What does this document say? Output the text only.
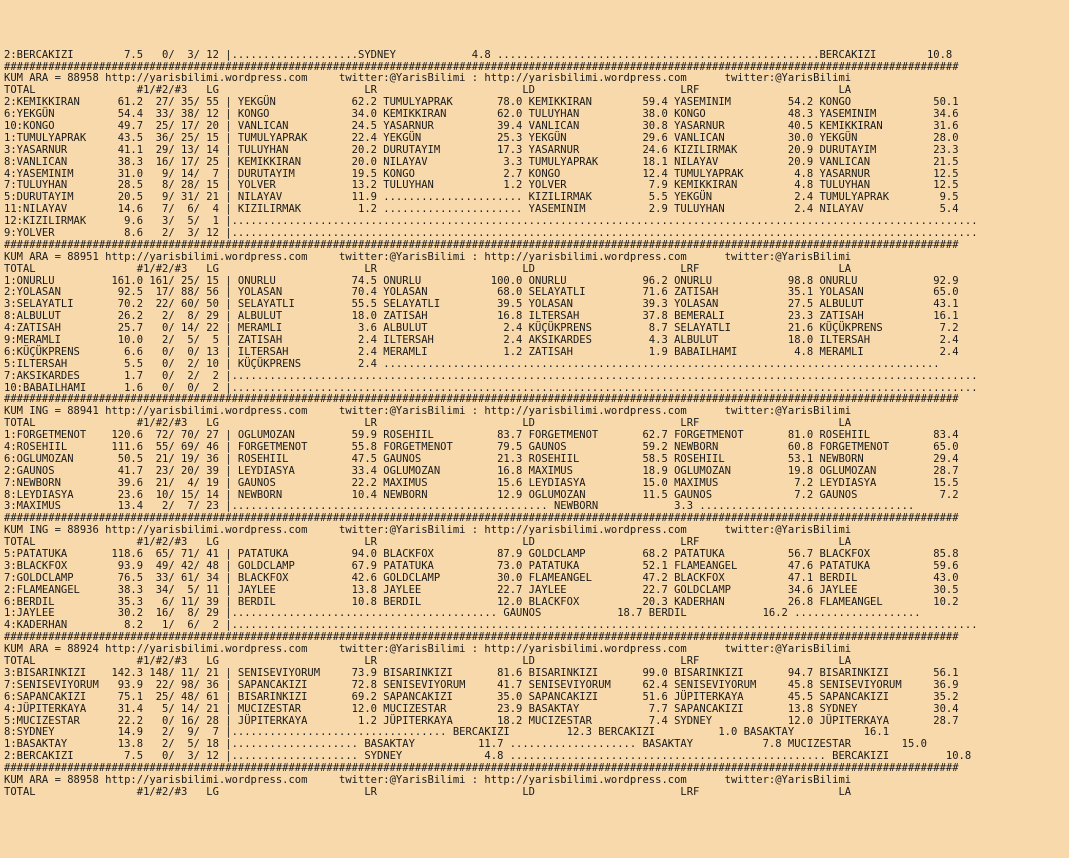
2:BERCAKIZI        7.5   0/  3/ 12 |....................SYDNEY            4.8 ...................................................BERCAKIZI        10.8
#######################################################################################################################################################
KUM ARA = 88958 http://yarisbilimi.wordpress.com     twitter:@YarisBilimi : http://yarisbilimi.wordpress.com      twitter:@YarisBilimi
TOTAL                #1/#2/#3   LG                       LR                       LD                       LRF                      LA
2:KEMIKKIRAN      61.2  27/ 35/ 55 | YEKGÜN            62.2 TUMULYAPRAK       78.0 KEMIKKIRAN        59.4 YASEMINIM         54.2 KONGO             50.1
6:YEKGÜN          54.4  33/ 38/ 12 | KONGO             34.0 KEMIKKIRAN        62.0 TULUYHAN          38.0 KONGO             48.3 YASEMINIM         34.6
10:KONGO          49.7  25/ 17/ 20 | VANLICAN          24.5 YASARNUR          39.4 VANLICAN          30.8 YASARNUR          40.5 KEMIKKIRAN        31.6
1:TUMULYAPRAK     43.5  36/ 25/ 15 | TUMULYAPRAK       22.4 YEKGÜN            25.3 YEKGÜN            29.6 VANLICAN          30.0 YEKGÜN            28.0
3:YASARNUR        41.1  29/ 13/ 14 | TULUYHAN          20.2 DURUTAYIM         17.3 YASARNUR          24.6 KIZILIRMAK        20.9 DURUTAYIM         23.3
8:VANLICAN        38.3  16/ 17/ 25 | KEMIKKIRAN        20.0 NILAYAV            3.3 TUMULYAPRAK       18.1 NILAYAV           20.9 VANLICAN          21.5
4:YASEMINIM       31.0   9/ 14/  7 | DURUTAYIM         19.5 KONGO              2.7 KONGO             12.4 TUMULYAPRAK        4.8 YASARNUR          12.5
7:TULUYHAN        28.5   8/ 28/ 15 | YOLVER            13.2 TULUYHAN           1.2 YOLVER             7.9 KEMIKKIRAN         4.8 TULUYHAN          12.5
5:DURUTAYIM       20.5   9/ 31/ 21 | NILAYAV           11.9 ...................... KIZILIRMAK         5.5 YEKGÜN             2.4 TUMULYAPRAK        9.5
11:NILAYAV        14.6   7/  6/  4 | KIZILIRMAK         1.2 ...................... YASEMINIM          2.9 TULUYHAN           2.4 NILAYAV            5.4
12:KIZILIRMAK      9.6   3/  5/  1 |......................................................................................................................
9:YOLVER           8.6   2/  3/ 12 |......................................................................................................................
#######################################################################################################################################################
KUM ARA = 88951 http://yarisbilimi.wordpress.com     twitter:@YarisBilimi : http://yarisbilimi.wordpress.com      twitter:@YarisBilimi
TOTAL                #1/#2/#3   LG                       LR                       LD                       LRF                      LA
1:ONURLU         161.0 161/ 25/ 15 | ONURLU            74.5 ONURLU           100.0 ONURLU            96.2 ONURLU            98.8 ONURLU            92.9
2:YOLASAN         92.5  17/ 88/ 56 | YOLASAN           70.4 YOLASAN           68.0 SELAYATLI         71.6 ZATISAH           35.1 YOLASAN           65.0
3:SELAYATLI       70.2  22/ 60/ 50 | SELAYATLI         55.5 SELAYATLI         39.5 YOLASAN           39.3 YOLASAN           27.5 ALBULUT           43.1
8:ALBULUT         26.2   2/  8/ 29 | ALBULUT           18.0 ZATISAH           16.8 ILTERSAH          37.8 BEMERALI          23.3 ZATISAH           16.1
4:ZATISAH         25.7   0/ 14/ 22 | MERAMLI            3.6 ALBULUT            2.4 KÜÇÜKPRENS         8.7 SELAYATLI         21.6 KÜÇÜKPRENS         7.2
9:MERAMLI         10.0   2/  5/  5 | ZATISAH            2.4 ILTERSAH           2.4 AKSIKARDES         4.3 ALBULUT           18.0 ILTERSAH           2.4
6:KÜÇÜKPRENS       6.6   0/  0/ 13 | ILTERSAH           2.4 MERAMLI            1.2 ZATISAH            1.9 BABAILHAMI         4.8 MERAMLI            2.4
5:ILTERSAH         5.5   0/  2/ 10 | KÜÇÜKPRENS         2.4 ........................................................................................
7:AKSIKARDES       1.7   0/  2/  2 |......................................................................................................................
10:BABAILHAMI      1.6   0/  0/  2 |......................................................................................................................
#######################################################################################################################################################
KUM ING = 88941 http://yarisbilimi.wordpress.com     twitter:@YarisBilimi : http://yarisbilimi.wordpress.com      twitter:@YarisBilimi
TOTAL                #1/#2/#3   LG                       LR                       LD                       LRF                      LA
1:FORGETMENOT    120.6  72/ 70/ 27 | OGLUMOZAN         59.9 ROSEHIIL          83.7 FORGETMENOT       62.7 FORGETMENOT       81.0 ROSEHIIL          83.4
4:ROSEHIIL       111.6  55/ 69/ 46 | FORGETMENOT       55.8 FORGETMENOT       79.5 GAUNOS            59.2 NEWBORN           60.8 FORGETMENOT       65.0
6:OGLUMOZAN       50.5  21/ 19/ 36 | ROSEHIIL          47.5 GAUNOS            21.3 ROSEHIIL          58.5 ROSEHIIL          53.1 NEWBORN           29.4
2:GAUNOS          41.7  23/ 20/ 39 | LEYDIASYA         33.4 OGLUMOZAN         16.8 MAXIMUS           18.9 OGLUMOZAN         19.8 OGLUMOZAN         28.7
7:NEWBORN         39.6  21/  4/ 19 | GAUNOS            22.2 MAXIMUS           15.6 LEYDIASYA         15.0 MAXIMUS            7.2 LEYDIASYA         15.5
8:LEYDIASYA       23.6  10/ 15/ 14 | NEWBORN           10.4 NEWBORN           12.9 OGLUMOZAN         11.5 GAUNOS             7.2 GAUNOS             7.2
3:MAXIMUS         13.4   2/  7/ 23 |.................................................. NEWBORN            3.3 ..................................
#######################################################################################################################################################
KUM ING = 88936 http://yarisbilimi.wordpress.com     twitter:@YarisBilimi : http://yarisbilimi.wordpress.com      twitter:@YarisBilimi
TOTAL                #1/#2/#3   LG                       LR                       LD                       LRF                      LA
5:PATATUKA       118.6  65/ 71/ 41 | PATATUKA          94.0 BLACKFOX          87.9 GOLDCLAMP         68.2 PATATUKA          56.7 BLACKFOX          85.8
3:BLACKFOX        93.9  49/ 42/ 48 | GOLDCLAMP         67.9 PATATUKA          73.0 PATATUKA          52.1 FLAMEANGEL        47.6 PATATUKA          59.6
7:GOLDCLAMP       76.5  33/ 61/ 34 | BLACKFOX          42.6 GOLDCLAMP         30.0 FLAMEANGEL        47.2 BLACKFOX          47.1 BERDIL            43.0
2:FLAMEANGEL      38.3  34/  5/ 11 | JAYLEE            13.8 JAYLEE            22.7 JAYLEE            22.7 GOLDCLAMP         34.6 JAYLEE            30.5
6:BERDIL          35.3   6/ 11/ 39 | BERDIL            10.8 BERDIL            12.0 BLACKFOX          20.3 KADERHAN          26.8 FLAMEANGEL        10.2
1:JAYLEE          30.2  16/  8/ 29 |.......................................... GAUNOS            18.7 BERDIL            16.2 ....................
4:KADERHAN         8.2   1/  6/  2 |......................................................................................................................
#######################################################################################################################################################
KUM ARA = 88924 http://yarisbilimi.wordpress.com     twitter:@YarisBilimi : http://yarisbilimi.wordpress.com      twitter:@YarisBilimi
TOTAL                #1/#2/#3   LG                       LR                       LD                       LRF                      LA
3:BISARINKIZI    142.3 148/ 11/ 21 | SENISEVIYORUM     73.9 BISARINKIZI       81.6 BISARINKIZI       99.0 BISARINKIZI       94.7 BISARINKIZI       56.1
7:SENISEVIYORUM   93.9  22/ 98/ 36 | SAPANCAKIZI       72.8 SENISEVIYORUM     41.7 SENISEVIYORUM     62.4 SENISEVIYORUM     45.8 SENISEVIYORUM     36.9
6:SAPANCAKIZI     75.1  25/ 48/ 61 | BISARINKIZI       69.2 SAPANCAKIZI       35.0 SAPANCAKIZI       51.6 JÜPITERKAYA       45.5 SAPANCAKIZI       35.2
4:JÜPITERKAYA     31.4   5/ 14/ 21 | MUCIZESTAR        12.0 MUCIZESTAR        23.9 BASAKTAY           7.7 SAPANCAKIZI       13.8 SYDNEY            30.4
5:MUCIZESTAR      22.2   0/ 16/ 28 | JÜPITERKAYA        1.2 JÜPITERKAYA       18.2 MUCIZESTAR         7.4 SYDNEY            12.0 JÜPITERKAYA       28.7
8:SYDNEY          14.9   2/  9/  7 |.................................. BERCAKIZI         12.3 BERCAKIZI          1.0 BASAKTAY           16.1
1:BASAKTAY        13.8   2/  5/ 18 |.................... BASAKTAY          11.7 .................... BASAKTAY           7.8 MUCIZESTAR        15.0
2:BERCAKIZI        7.5   0/  3/ 12 |.................... SYDNEY             4.8 .................................................. BERCAKIZI         10.8
#######################################################################################################################################################
KUM ARA = 88958 http://yarisbilimi.wordpress.com     twitter:@YarisBilimi : http://yarisbilimi.wordpress.com      twitter:@YarisBilimi
TOTAL                #1/#2/#3   LG                       LR                       LD                       LRF                      LA
